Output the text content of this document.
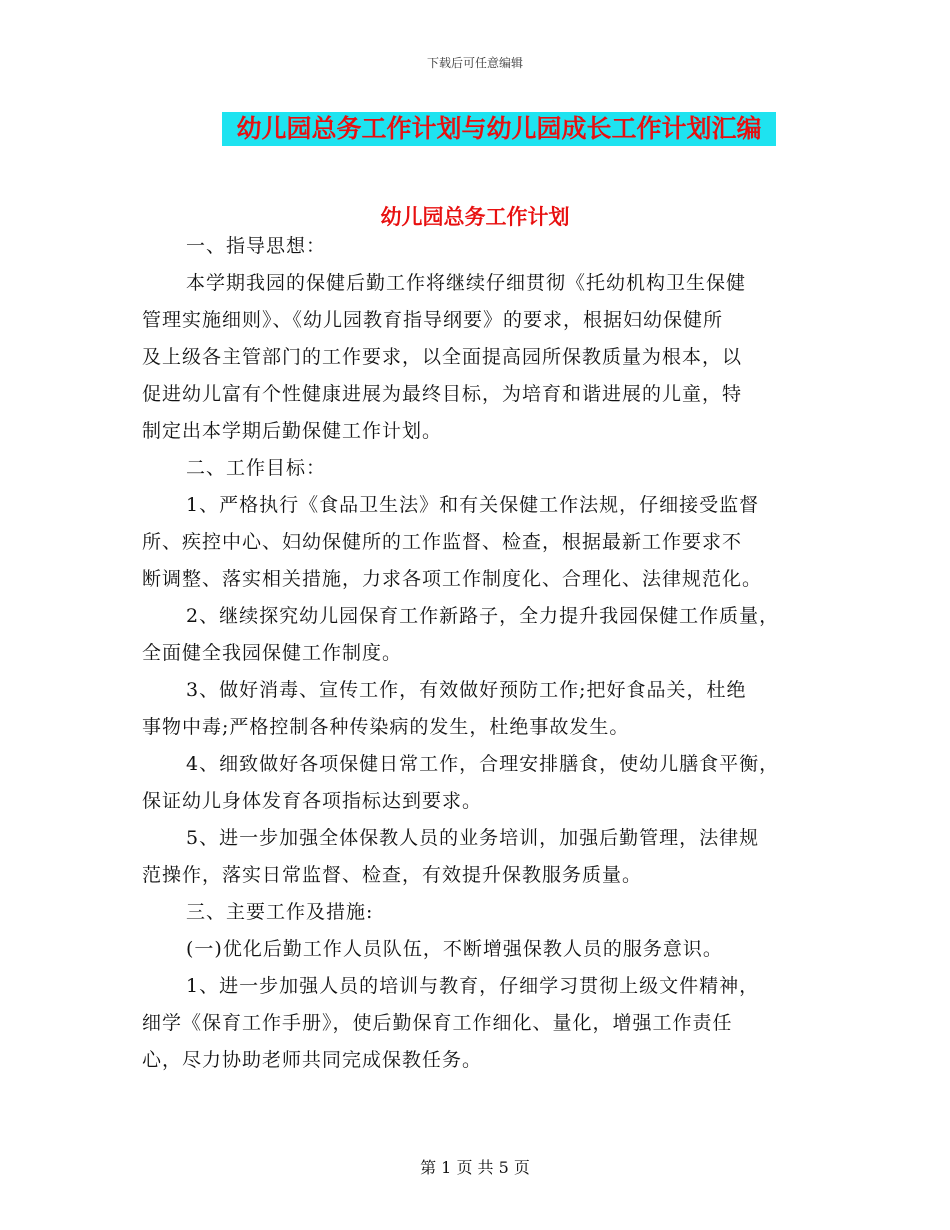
下载后可任意编辑
幼儿园总务工作计划与幼儿园成长工作计划汇编
幼儿园总务工作计划
一、指导思想：
本学期我园的保健后勤工作将继续仔细贯彻《托幼机构卫生保健
管理实施细则》、《幼儿园教育指导纲要》的要求，根据妇幼保健所
及上级各主管部门的工作要求，以全面提高园所保教质量为根本，以
促进幼儿富有个性健康进展为最终目标，为培育和谐进展的儿童，特
制定出本学期后勤保健工作计划。
二、工作目标：
1、严格执行《食品卫生法》和有关保健工作法规，仔细接受监督
所、疾控中心、妇幼保健所的工作监督、检查，根据最新工作要求不
断调整、落实相关措施，力求各项工作制度化、合理化、法律规范化。
2、继续探究幼儿园保育工作新路子，全力提升我园保健工作质量，
全面健全我园保健工作制度。
3、做好消毒、宣传工作，有效做好预防工作;把好食品关，杜绝
事物中毒;严格控制各种传染病的发生，杜绝事故发生。
4、细致做好各项保健日常工作，合理安排膳食，使幼儿膳食平衡，
保证幼儿身体发育各项指标达到要求。
5、进一步加强全体保教人员的业务培训，加强后勤管理，法律规
范操作，落实日常监督、检查，有效提升保教服务质量。
三、主要工作及措施:
(一)优化后勤工作人员队伍，不断增强保教人员的服务意识。
1、进一步加强人员的培训与教育，仔细学习贯彻上级文件精神，
细学《保育工作手册》，使后勤保育工作细化、量化，增强工作责任
心，尽力协助老师共同完成保教任务。
第 1 页 共 5 页
